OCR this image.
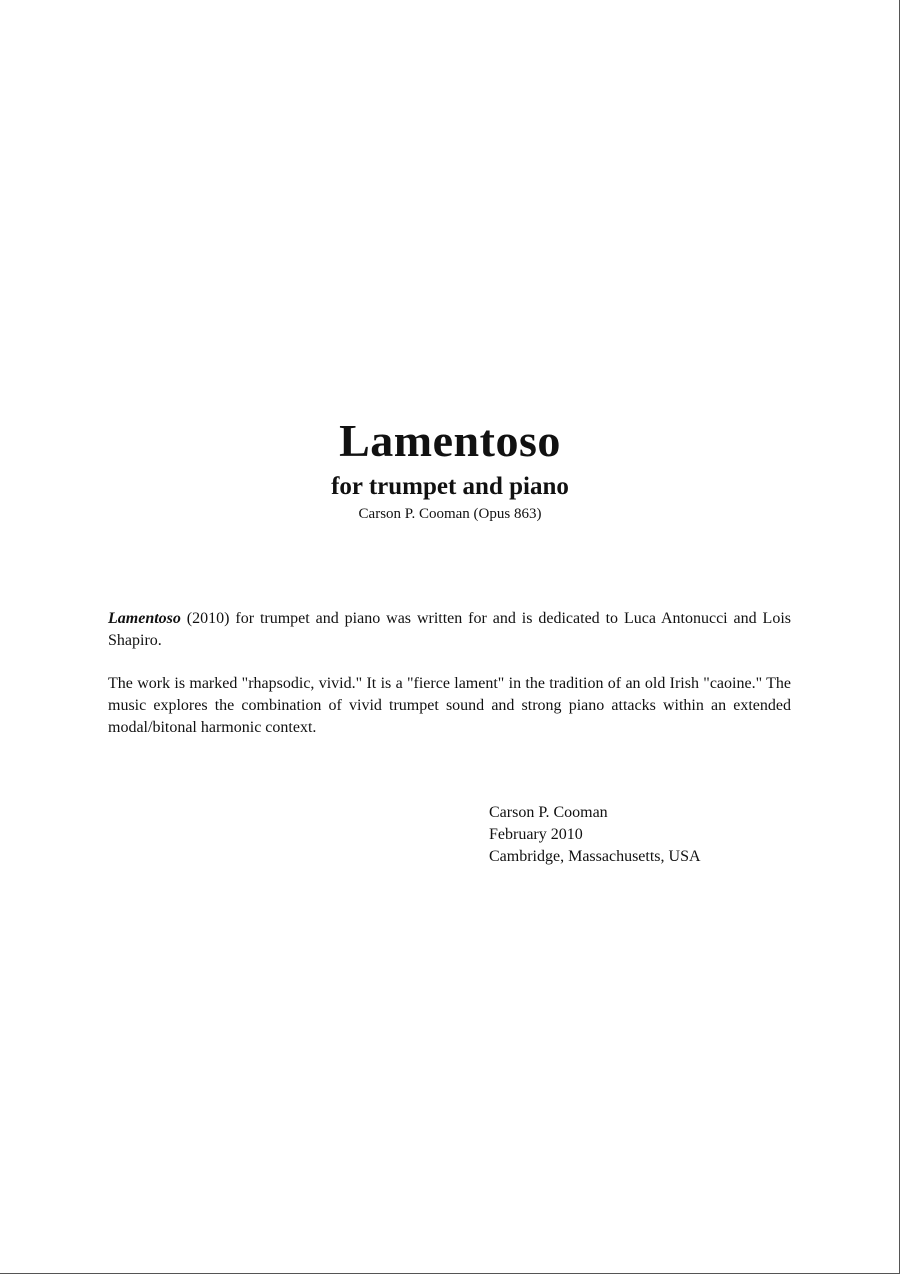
Lamentoso
for trumpet and piano
Carson P. Cooman (Opus 863)

Lamentoso (2010) for trumpet and piano was written for and is dedicated to Luca Antonucci and Lois Shapiro.

The work is marked "rhapsodic, vivid." It is a "fierce lament" in the tradition of an old Irish "caoine." The music explores the combination of vivid trumpet sound and strong piano attacks within an extended modal/bitonal harmonic context.

Carson P. Cooman
February 2010
Cambridge, Massachusetts, USA
